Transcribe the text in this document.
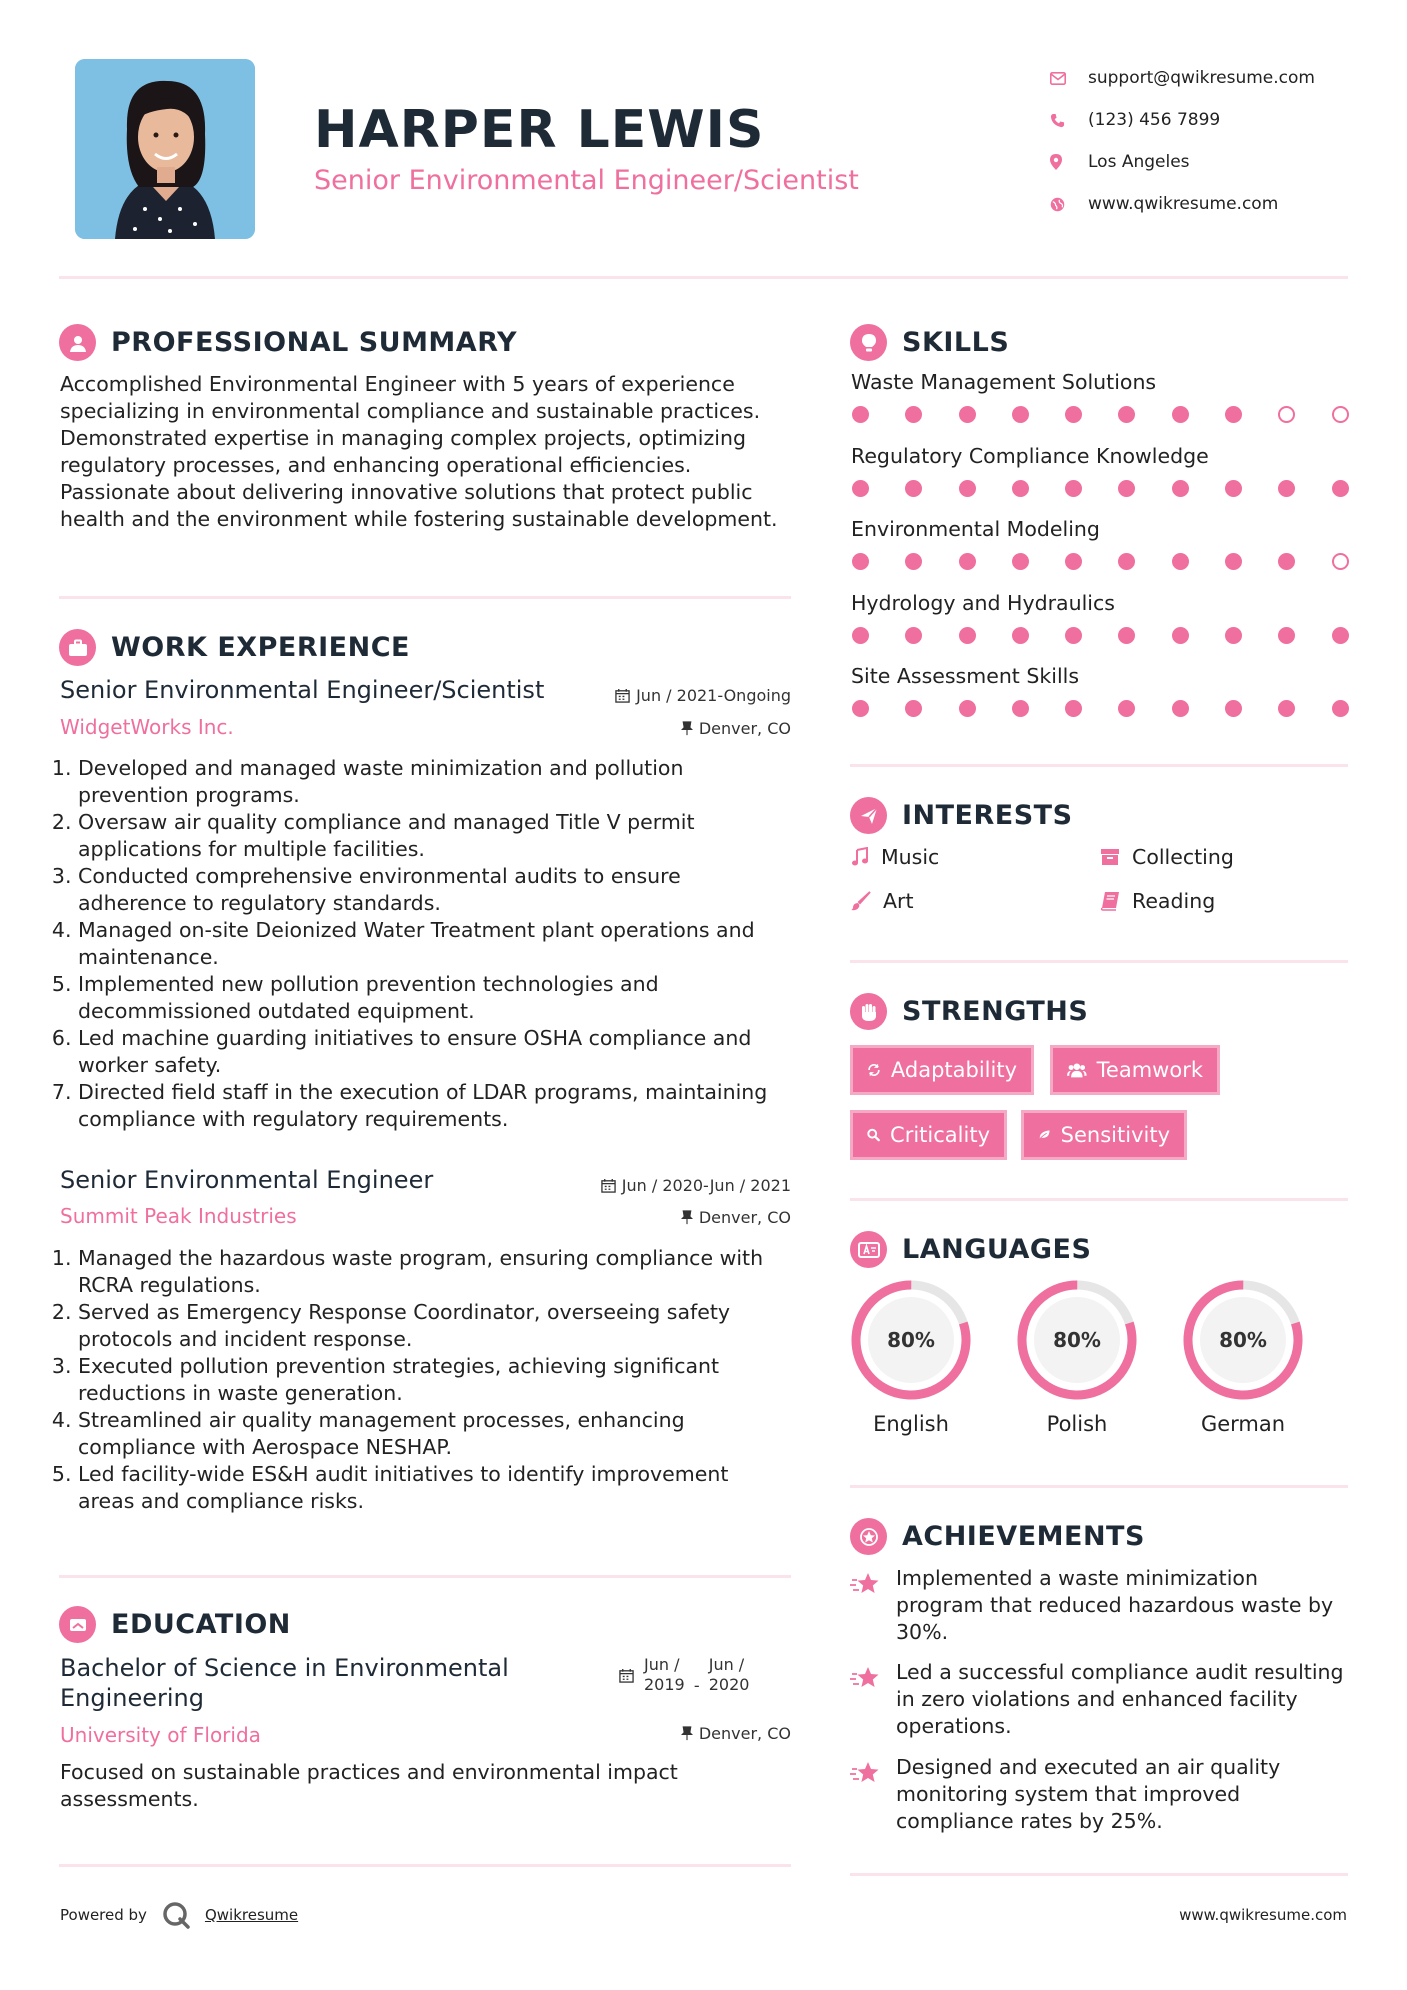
HARPER LEWIS
Senior Environmental Engineer/Scientist
support@qwikresume.com
(123) 456 7899
Los Angeles
www.qwikresume.com
PROFESSIONAL SUMMARY
Accomplished Environmental Engineer with 5 years of experience specializing in environmental compliance and sustainable practices. Demonstrated expertise in managing complex projects, optimizing regulatory processes, and enhancing operational efficiencies. Passionate about delivering innovative solutions that protect public health and the environment while fostering sustainable development.
WORK EXPERIENCE
Senior Environmental Engineer/Scientist
WidgetWorks Inc.
Jun / 2021-Ongoing
Denver, CO
1. Developed and managed waste minimization and pollution prevention programs.
2. Oversaw air quality compliance and managed Title V permit applications for multiple facilities.
3. Conducted comprehensive environmental audits to ensure adherence to regulatory standards.
4. Managed on-site Deionized Water Treatment plant operations and maintenance.
5. Implemented new pollution prevention technologies and decommissioned outdated equipment.
6. Led machine guarding initiatives to ensure OSHA compliance and worker safety.
7. Directed field staff in the execution of LDAR programs, maintaining compliance with regulatory requirements.
Senior Environmental Engineer
Summit Peak Industries
Jun / 2020-Jun / 2021
Denver, CO
1. Managed the hazardous waste program, ensuring compliance with RCRA regulations.
2. Served as Emergency Response Coordinator, overseeing safety protocols and incident response.
3. Executed pollution prevention strategies, achieving significant reductions in waste generation.
4. Streamlined air quality management processes, enhancing compliance with Aerospace NESHAP.
5. Led facility-wide ES&H audit initiatives to identify improvement areas and compliance risks.
EDUCATION
Bachelor of Science in Environmental
Engineering
University of Florida
Jun /
2019 -
Jun /
2020
Denver, CO
Focused on sustainable practices and environmental impact assessments.
SKILLS
Waste Management Solutions
Regulatory Compliance Knowledge
Environmental Modeling
Hydrology and Hydraulics
Site Assessment Skills
INTERESTS
Music	Collecting
Art	Reading
STRENGTHS
Adaptability	Teamwork
Criticality	Sensitivity
LANGUAGES
80%
English
80%
Polish
80%
German
ACHIEVEMENTS
Implemented a waste minimization program that reduced hazardous waste by 30%.
Led a successful compliance audit resulting in zero violations and enhanced facility operations.
Designed and executed an air quality monitoring system that improved compliance rates by 25%.
Powered by	Qwikresume	www.qwikresume.com
